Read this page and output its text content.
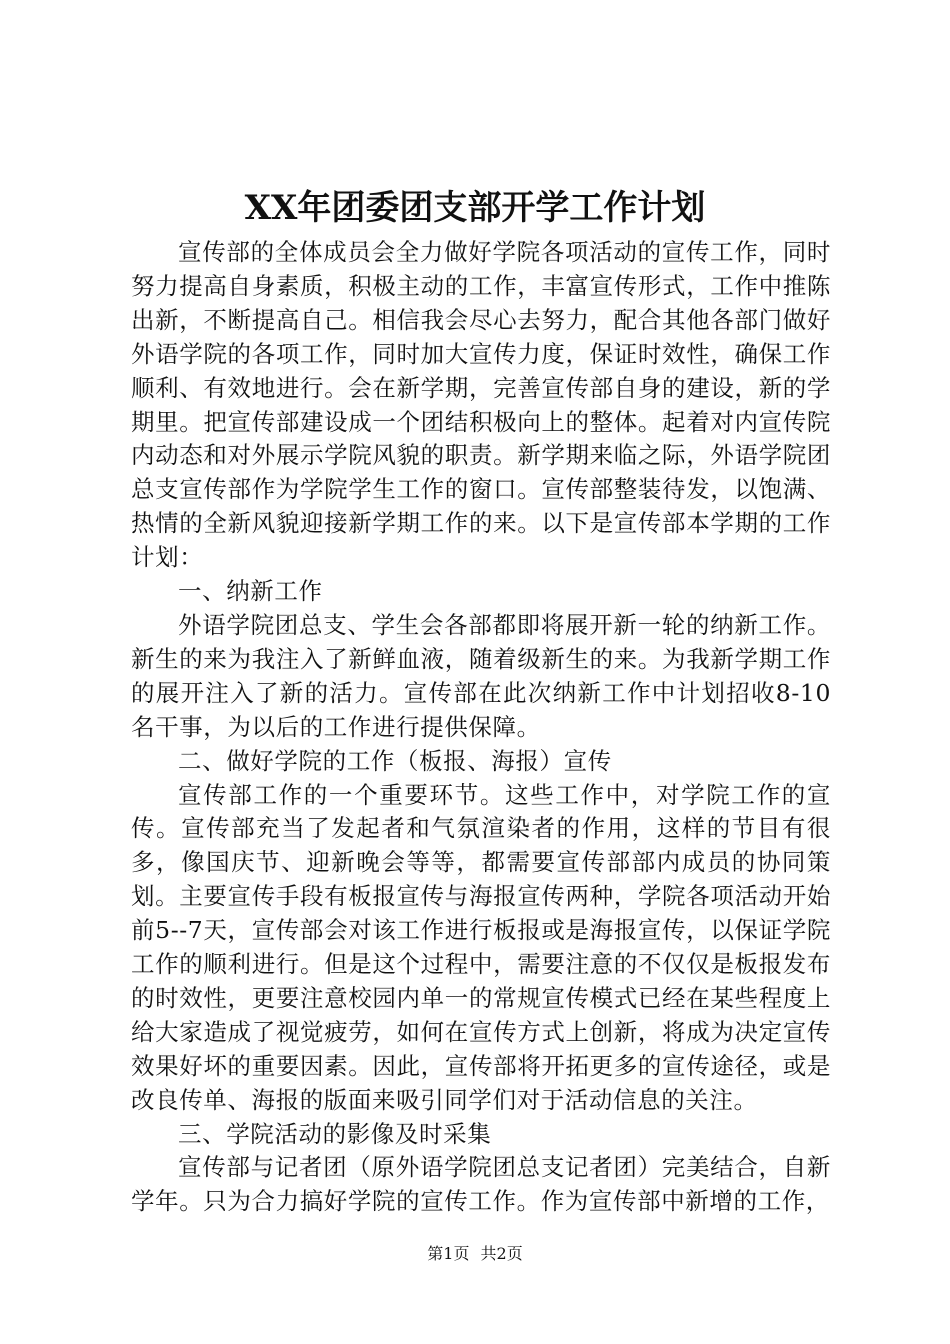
XX年团委团支部开学工作计划

宣传部的全体成员会全力做好学院各项活动的宣传工作，同时努力提高自身素质，积极主动的工作，丰富宣传形式，工作中推陈出新，不断提高自己。相信我会尽心去努力，配合其他各部门做好外语学院的各项工作，同时加大宣传力度，保证时效性，确保工作顺利、有效地进行。会在新学期，完善宣传部自身的建设，新的学期里。把宣传部建设成一个团结积极向上的整体。起着对内宣传院内动态和对外展示学院风貌的职责。新学期来临之际，外语学院团总支宣传部作为学院学生工作的窗口。宣传部整装待发，以饱满、热情的全新风貌迎接新学期工作的来。以下是宣传部本学期的工作计划：

一、纳新工作

外语学院团总支、学生会各部都即将展开新一轮的纳新工作。新生的来为我注入了新鲜血液，随着级新生的来。为我新学期工作的展开注入了新的活力。宣传部在此次纳新工作中计划招收8-10名干事，为以后的工作进行提供保障。

二、做好学院的工作（板报、海报）宣传

宣传部工作的一个重要环节。这些工作中，对学院工作的宣传。宣传部充当了发起者和气氛渲染者的作用，这样的节目有很多，像国庆节、迎新晚会等等，都需要宣传部部内成员的协同策划。主要宣传手段有板报宣传与海报宣传两种，学院各项活动开始前5--7天，宣传部会对该工作进行板报或是海报宣传，以保证学院工作的顺利进行。但是这个过程中，需要注意的不仅仅是板报发布的时效性，更要注意校园内单一的常规宣传模式已经在某些程度上给大家造成了视觉疲劳，如何在宣传方式上创新，将成为决定宣传效果好坏的重要因素。因此，宣传部将开拓更多的宣传途径，或是改良传单、海报的版面来吸引同学们对于活动信息的关注。

三、学院活动的影像及时采集

宣传部与记者团（原外语学院团总支记者团）完美结合，自新学年。只为合力搞好学院的宣传工作。作为宣传部中新增的工作，

第1页 共2页
